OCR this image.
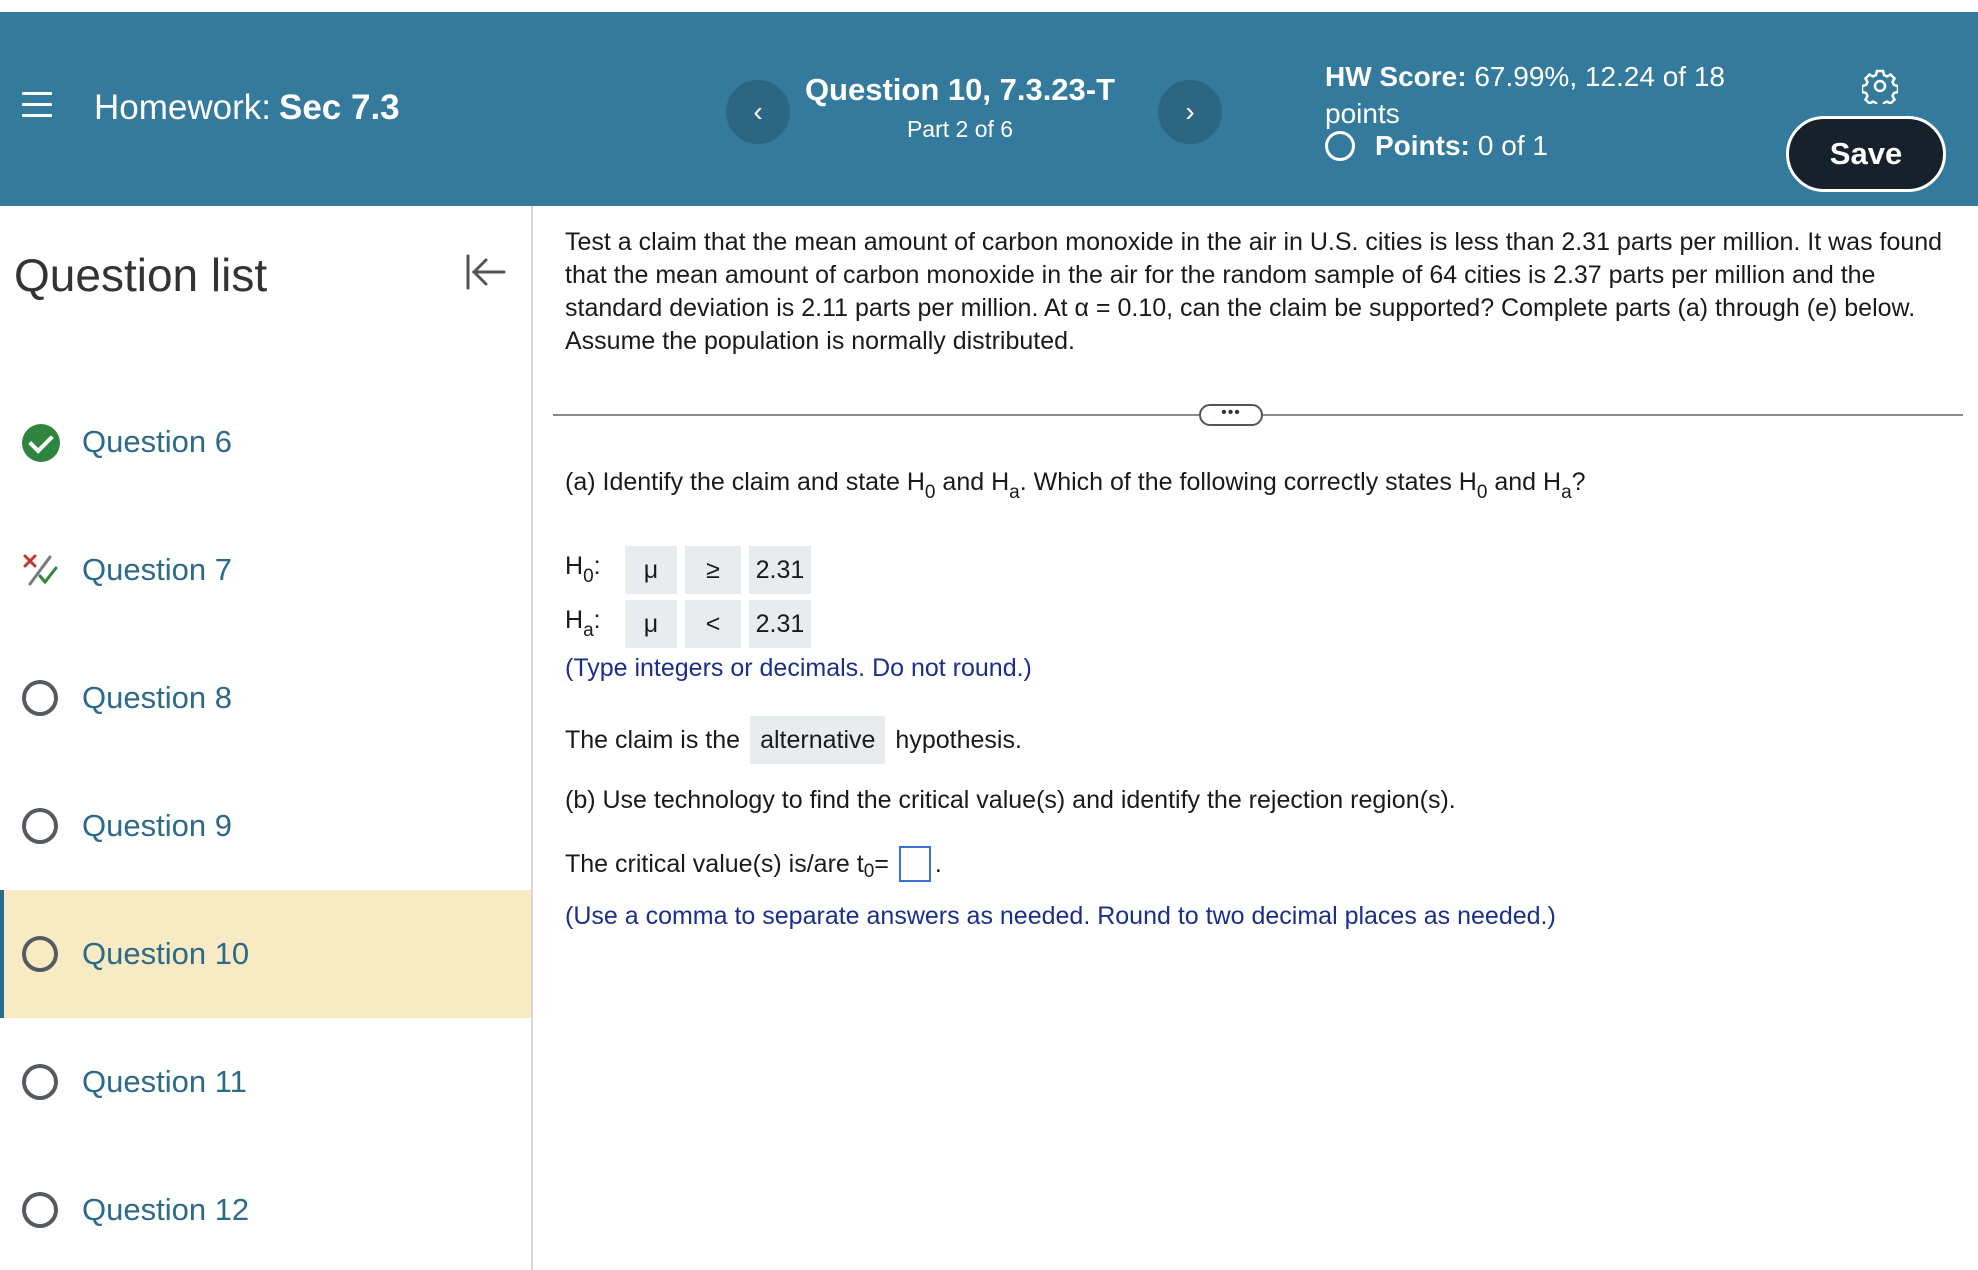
Homework: Sec 7.3	‹
Question 10, 7.3.23-T
Part 2 of 6
›
HW Score: 67.99%, 12.24 of 18 points
Points: 0 of 1	Save
Question list
Question 6
Question 7
Question 8
Question 9
Question 10
Question 11
Question 12

Test a claim that the mean amount of carbon monoxide in the air in U.S. cities is less than 2.31 parts per million. It was found that the mean amount of carbon monoxide in the air for the random sample of 64 cities is 2.37 parts per million and the standard deviation is 2.11 parts per million. At α = 0.10, can the claim be supported? Complete parts (a) through (e) below. Assume the population is normally distributed.

•••
(a) Identify the claim and state $H_0$ and $H_a$. Which of the following correctly states $H_0$ and $H_a$?
$H_0$:	μ	≥	2.31
$H_a$:	μ	<	2.31
(Type integers or decimals. Do not round.)
The claim is the alternative hypothesis.
(b) Use technology to find the critical value(s) and identify the rejection region(s).
The critical value(s) is/are t 0 = .
(Use a comma to separate answers as needed. Round to two decimal places as needed.)
